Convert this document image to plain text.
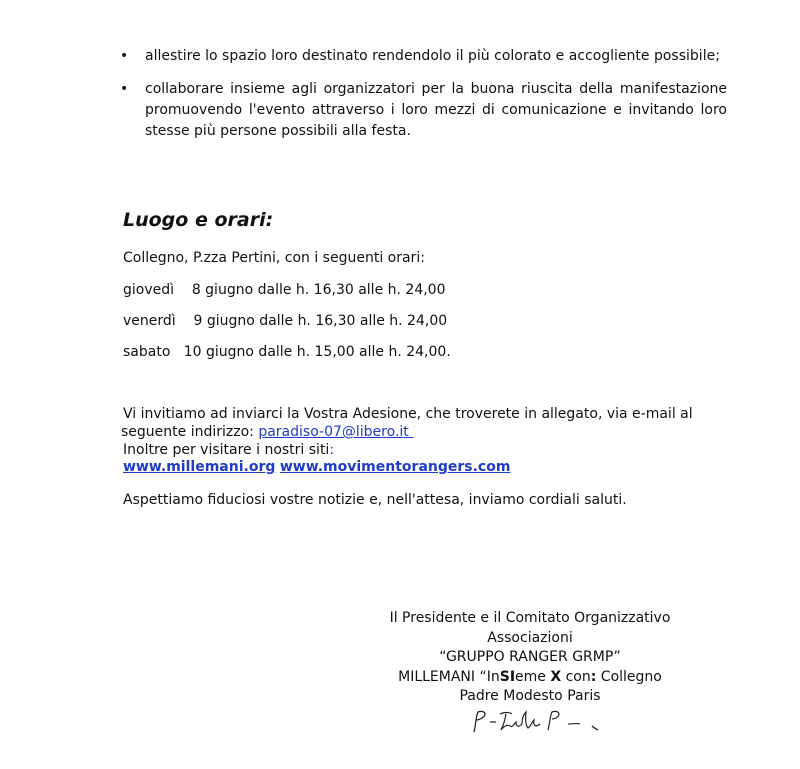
• allestire lo spazio loro destinato rendendolo il più colorato e accogliente possibile;
• collaborare insieme agli organizzatori per la buona riuscita della manifestazione promuovendo l'evento attraverso i loro mezzi di comunicazione e invitando loro stesse più persone possibili alla festa.
Luogo e orari:
Collegno, P.zza Pertini, con i seguenti orari:
giovedì    8 giugno dalle h. 16,30 alle h. 24,00
venerdì    9 giugno dalle h. 16,30 alle h. 24,00
sabato   10 giugno dalle h. 15,00 alle h. 24,00.
Vi invitiamo ad inviarci la Vostra Adesione, che troverete in allegato, via e-mail al
seguente indirizzo: paradiso-07@libero.it
Inoltre per visitare i nostri siti:
www.millemani.org www.movimentorangers.com
Aspettiamo fiduciosi vostre notizie e, nell'attesa, inviamo cordiali saluti.
Il Presidente e il Comitato Organizzativo
Associazioni
“GRUPPO RANGER GRMP”
MILLEMANI “InSIeme X con: Collegno
Padre Modesto Paris
